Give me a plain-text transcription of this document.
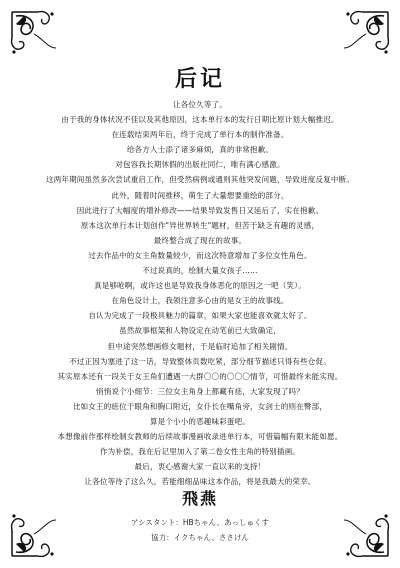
后记
让各位久等了。
由于我的身体状况不佳以及其他原因，这本单行本的发行日期比原计划大幅推迟。
在连载结束两年后，终于完成了单行本的制作准备。
给各方人士添了诸多麻烦，真的非常抱歉。
对包容我长期休假的出版社同仁，唯有满心感激。
这两年期间虽然多次尝试重启工作，但受然病例或通则其他突发问题，导致进度反复中断。
此外，随着时间推移，萌生了大量想要重绘的部分，
因此进行了大幅度的增补修改——结果导致发售日又延后了，实在抱歉。
原本这次单行本计划创作"异世界转生"题材，但苦于缺乏有趣的灵感，
最终整合成了现在的故事。
过去作品中的女主角数量较少，而这次特意增加了多位女性角色。
不过说真的，绘制大量女孩子……
真是够呛啊，或许这也是导致我身体恶化的原因之一吧（笑）。
在角色设计上，我领注意多心由的是女王的故事线。
自认为完成了一段极具魅力的篇章，如果大家也能喜欢就太好了。
虽然故事框架和人物设定在动笔前已大致确定，
但中途突然想画修女题材，于是临时追加了相关剧情。
不过正因为塞进了这一话，导致整体页数吃紧，部分细节描述只得有些仓促。
其实原本还有一段关于女王角们遭遇一大群〇〇的〇〇〇情节，可惜最终未能实现。
悄悄说个小细节：三位女主角身上都藏有痣，大家发现了吗？
比如女王的痣位于眼角和胸口附近，女仆长在嘴角旁，女剑士的则在臀部，
算是个小小的恶趣味彩蛋吧。
本想像前作那样绘制女教师的后续故事漫画收录进单行本，可惜篇幅有限未能如愿。
作为补偿，我在后记里加入了第二卷女性主角的特别插画。
最后，衷心感谢大家一直以来的支持！
让各位等待了这么久，若能细细品味这本作品，将是我最大的荣幸。
飛燕
アシスタント：HBちゃん、あっしゅくす
協力：イクちゃん、ささけん
